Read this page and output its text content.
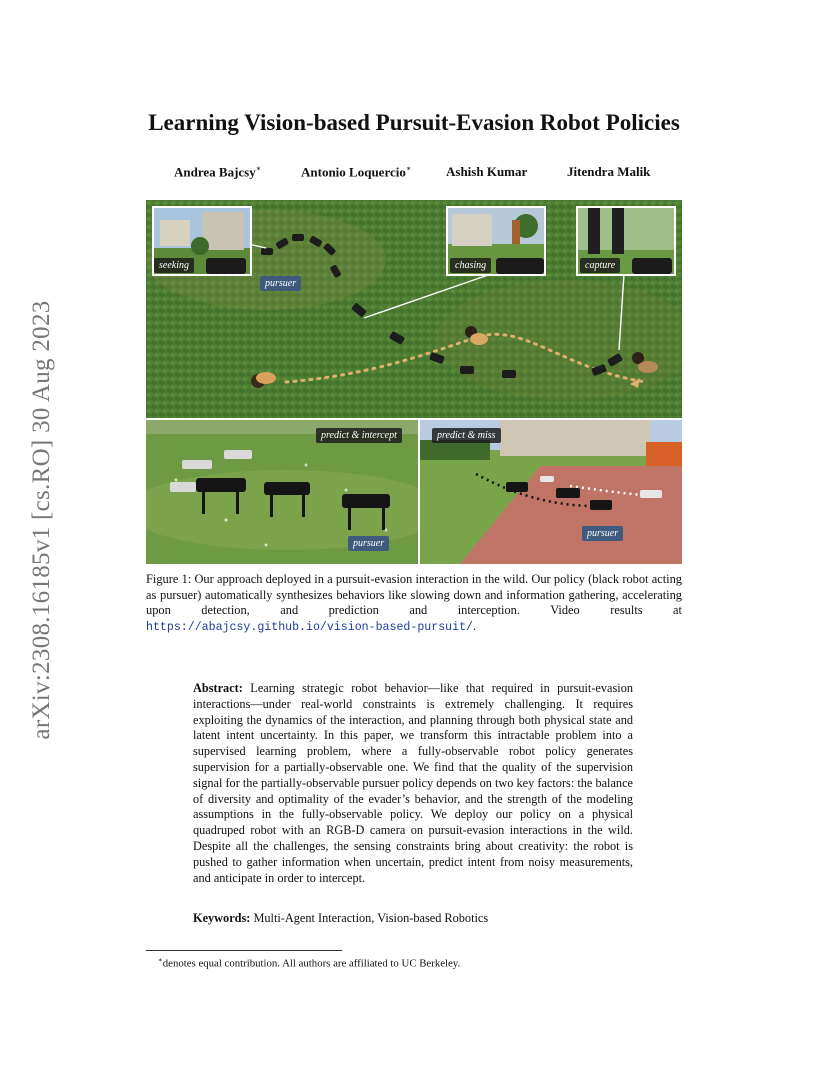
arXiv:2308.16185v1 [cs.RO] 30 Aug 2023
Learning Vision-based Pursuit-Evasion Robot Policies
Andrea Bajcsy∗	Antonio Loquercio∗	Ashish Kumar	Jitendra Malik
seeking	chasing	capture
pursuer
predict & intercept
pursuer
predict & miss
pursuer
Figure 1: Our approach deployed in a pursuit-evasion interaction in the wild. Our policy (black robot acting as pursuer) automatically synthesizes behaviors like slowing down and information gathering, accelerating upon detection, and prediction and interception. Video results at https://abajcsy.github.io/vision-based-pursuit/.
Abstract: Learning strategic robot behavior—like that required in pursuit-evasion interactions—under real-world constraints is extremely challenging. It requires exploiting the dynamics of the interaction, and planning through both physical state and latent intent uncertainty. In this paper, we transform this intractable problem into a supervised learning problem, where a fully-observable robot policy generates supervision for a partially-observable one. We find that the quality of the supervision signal for the partially-observable pursuer policy depends on two key factors: the balance of diversity and optimality of the evader’s behavior, and the strength of the modeling assumptions in the fully-observable policy. We deploy our policy on a physical quadruped robot with an RGB-D camera on pursuit-evasion interactions in the wild. Despite all the challenges, the sensing constraints bring about creativity: the robot is pushed to gather information when uncertain, predict intent from noisy measurements, and anticipate in order to intercept.
Keywords: Multi-Agent Interaction, Vision-based Robotics
∗denotes equal contribution. All authors are affiliated to UC Berkeley.
